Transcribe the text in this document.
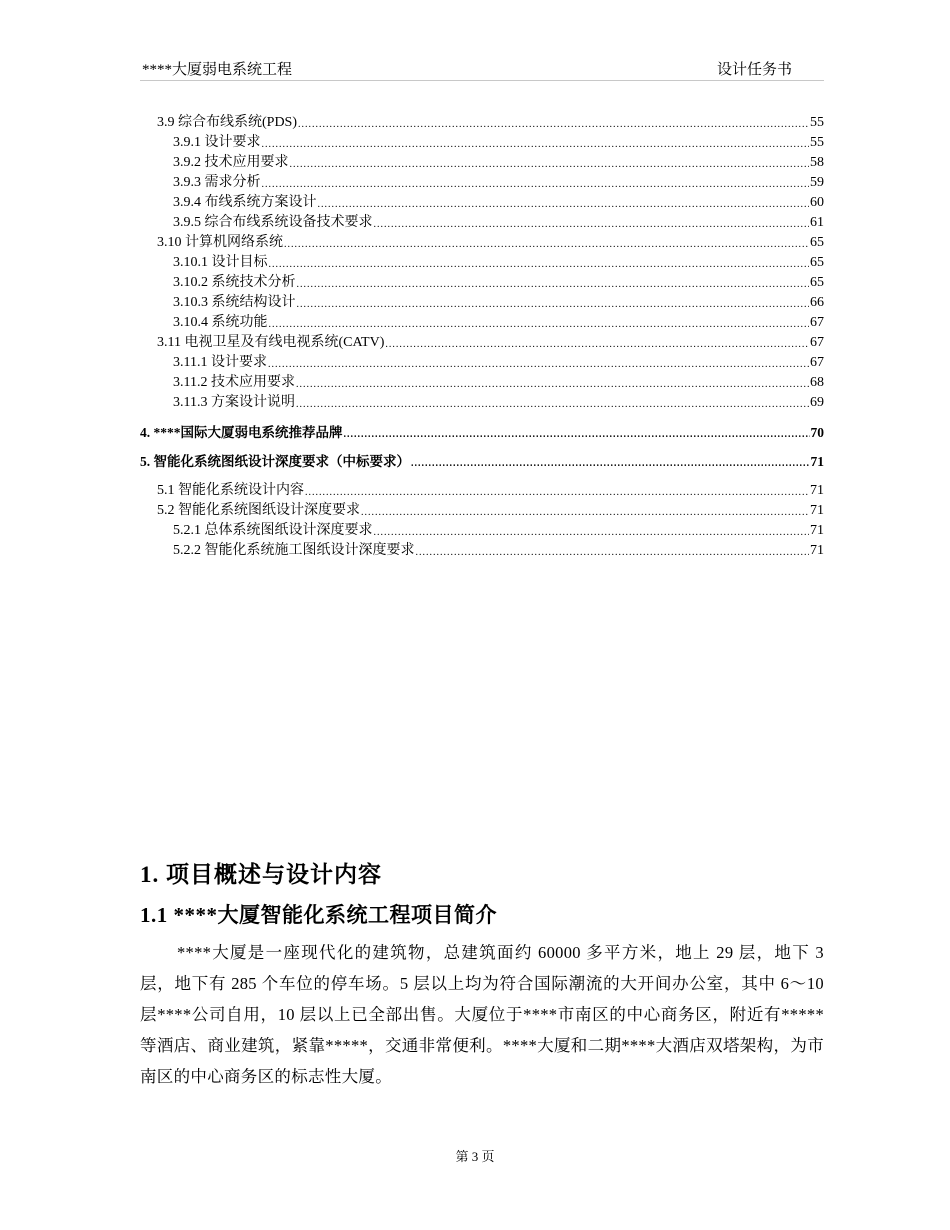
****大厦弱电系统工程	设计任务书
3.9 综合布线系统(PDS) .....	55
3.9.1 设计要求 .....	55
3.9.2 技术应用要求 .....	58
3.9.3 需求分析 .....	59
3.9.4 布线系统方案设计 .....	60
3.9.5 综合布线系统设备技术要求 .....	61
3.10 计算机网络系统 .....	65
3.10.1 设计目标 .....	65
3.10.2 系统技术分析 .....	65
3.10.3 系统结构设计 .....	66
3.10.4 系统功能 .....	67
3.11 电视卫星及有线电视系统(CATV) .....	67
3.11.1 设计要求 .....	67
3.11.2 技术应用要求 .....	68
3.11.3 方案设计说明 .....	69
4. ****国际大厦弱电系统推荐品牌 .....	70
5. 智能化系统图纸设计深度要求（中标要求） .....	71
5.1 智能化系统设计内容 .....	71
5.2 智能化系统图纸设计深度要求 .....	71
5.2.1 总体系统图纸设计深度要求 .....	71
5.2.2 智能化系统施工图纸设计深度要求 .....	71
1. 项目概述与设计内容
1.1 ****大厦智能化系统工程项目简介

****大厦是一座现代化的建筑物，总建筑面约 60000 多平方米，地上 29 层，地下 3 层，地下有 285 个车位的停车场。5 层以上均为符合国际潮流的大开间办公室，其中 6～10 层****公司自用，10 层以上已全部出售。大厦位于****市南区的中心商务区，附近有*****等酒店、商业建筑，紧靠*****，交通非常便利。****大厦和二期****大酒店双塔架构，为市南区的中心商务区的标志性大厦。

第 3 页
